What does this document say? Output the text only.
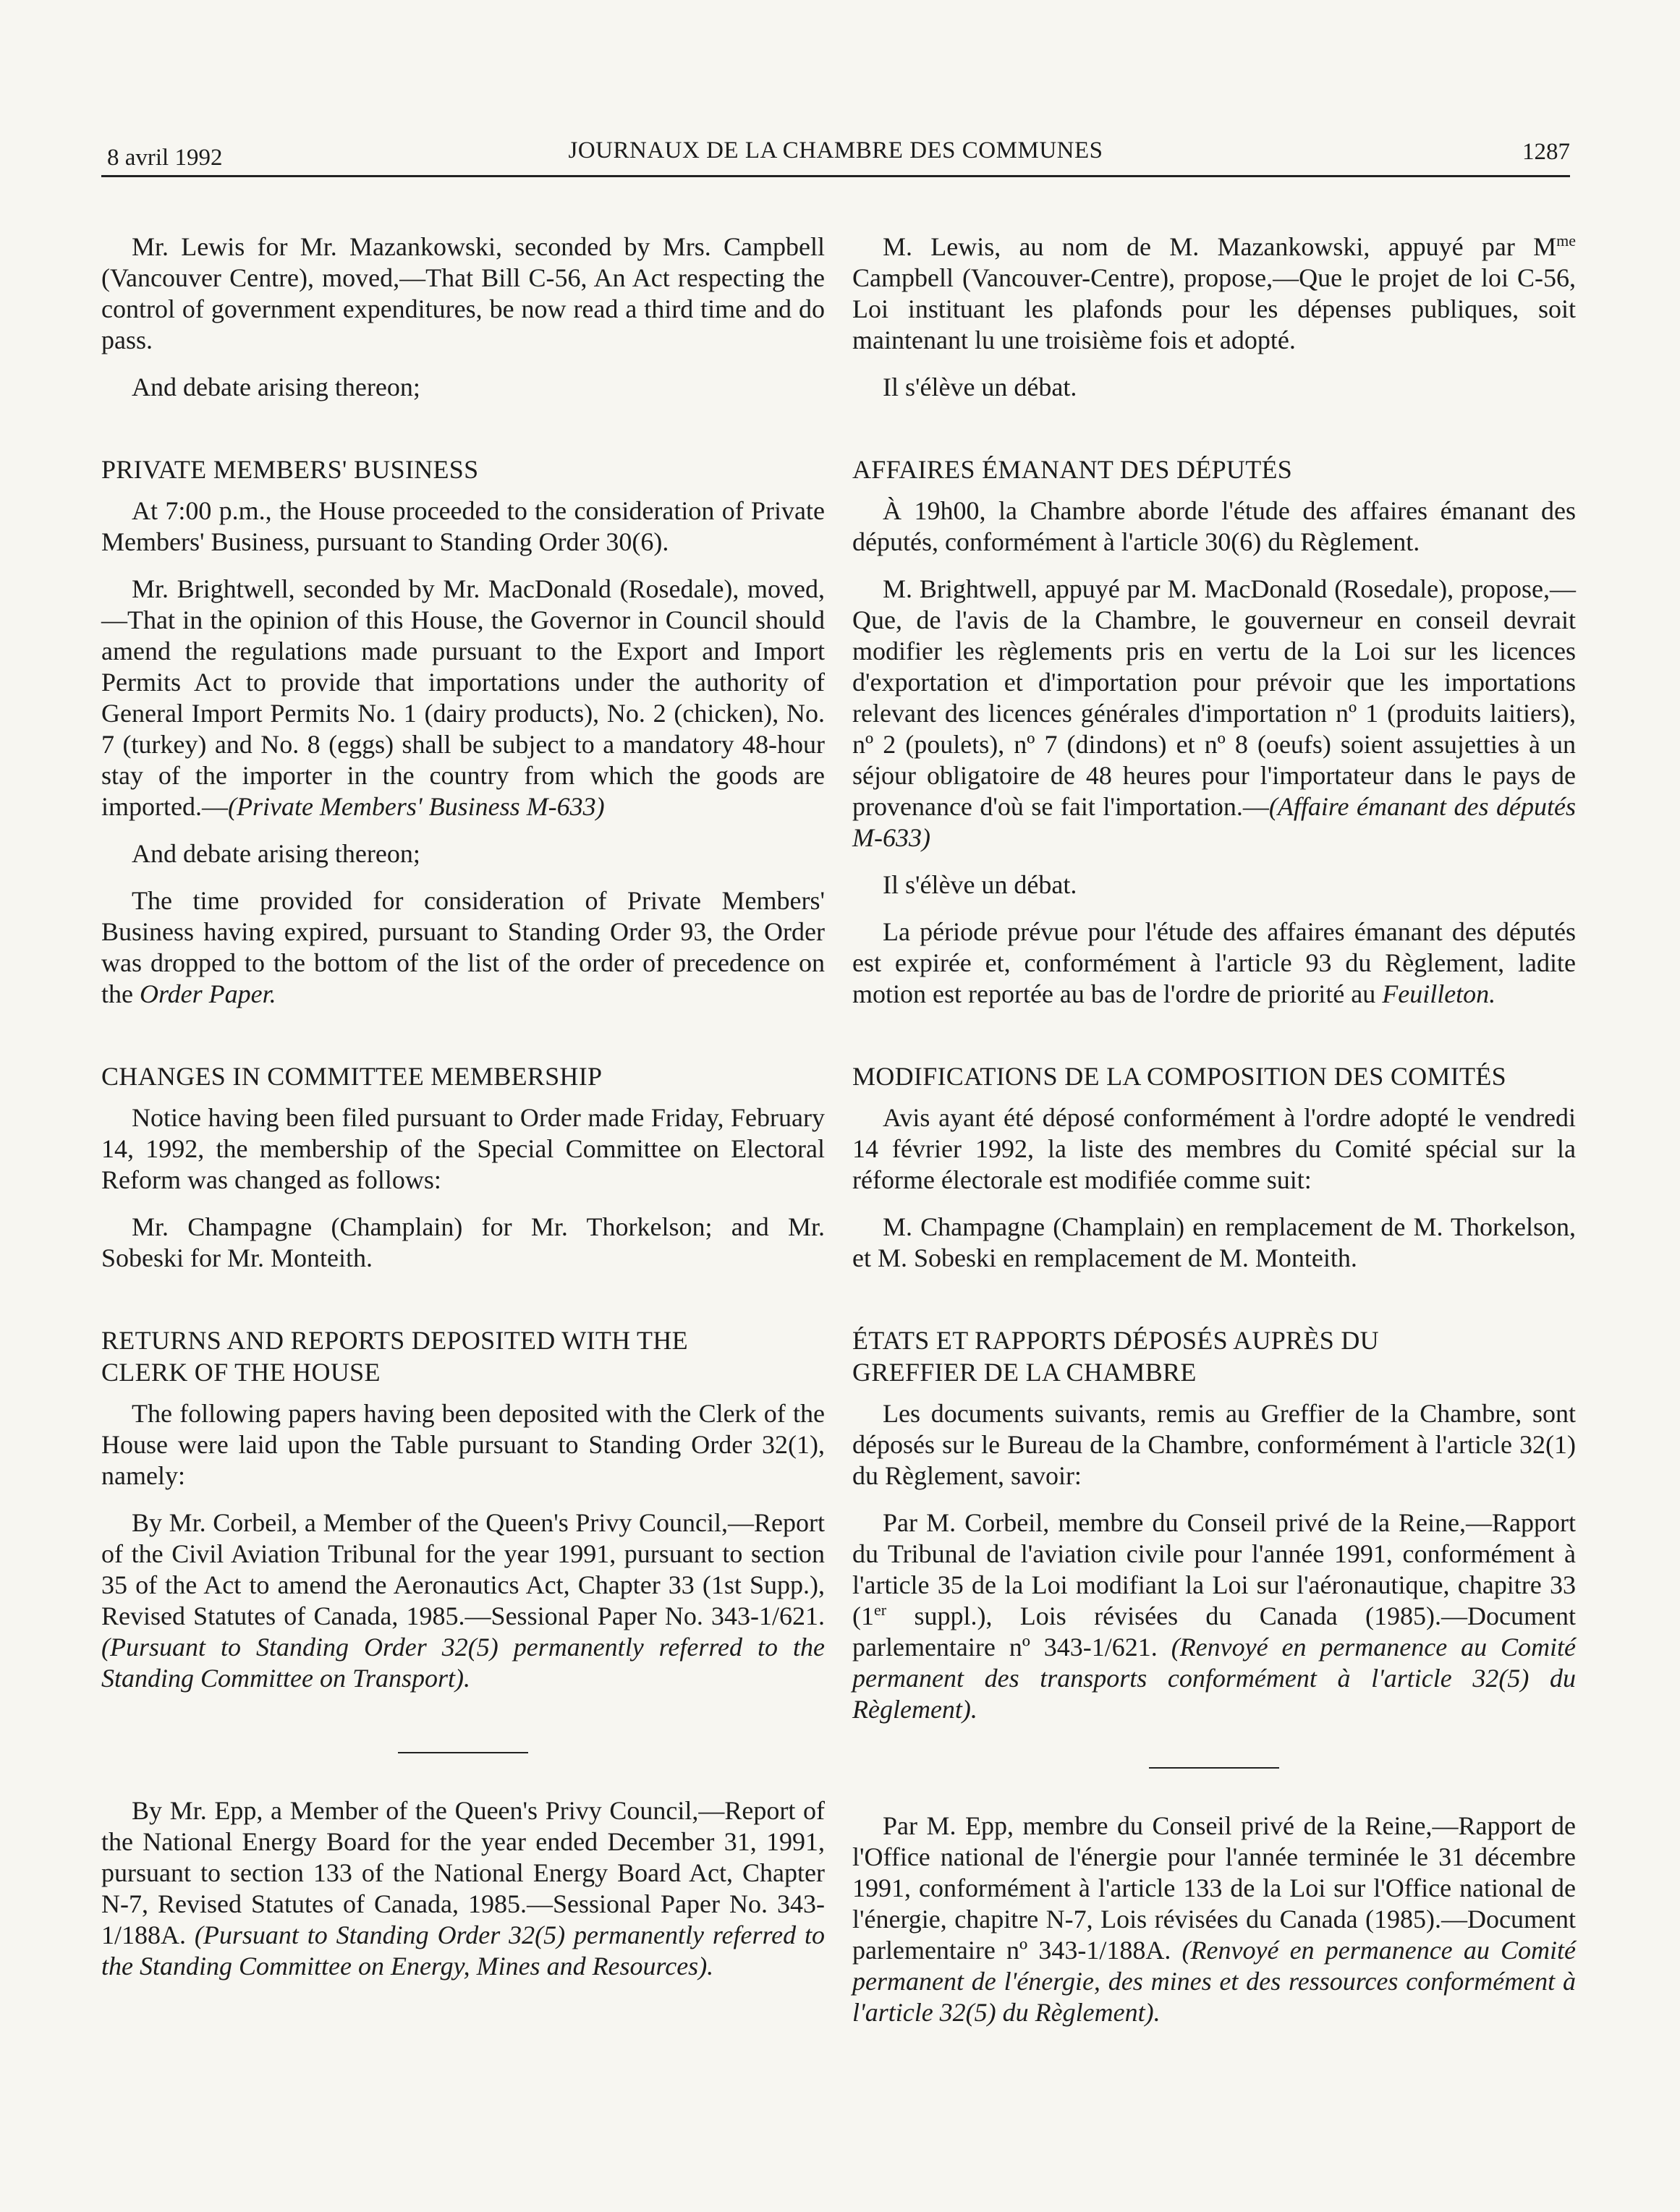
8 avril 1992	JOURNAUX DE LA CHAMBRE DES COMMUNES	1287

Mr. Lewis for Mr. Mazankowski, seconded by Mrs. Campbell (Vancouver Centre), moved,—That Bill C-56, An Act respecting the control of government expenditures, be now read a third time and do pass.

And debate arising thereon;

PRIVATE MEMBERS' BUSINESS

At 7:00 p.m., the House proceeded to the consideration of Private Members' Business, pursuant to Standing Order 30(6).

Mr. Brightwell, seconded by Mr. MacDonald (Rosedale), moved,—That in the opinion of this House, the Governor in Council should amend the regulations made pursuant to the Export and Import Permits Act to provide that importations under the authority of General Import Permits No. 1 (dairy products), No. 2 (chicken), No. 7 (turkey) and No. 8 (eggs) shall be subject to a mandatory 48-hour stay of the importer in the country from which the goods are imported.—(Private Members' Business M-633)

And debate arising thereon;

The time provided for consideration of Private Members' Business having expired, pursuant to Standing Order 93, the Order was dropped to the bottom of the list of the order of precedence on the Order Paper.

CHANGES IN COMMITTEE MEMBERSHIP

Notice having been filed pursuant to Order made Friday, February 14, 1992, the membership of the Special Committee on Electoral Reform was changed as follows:

Mr. Champagne (Champlain) for Mr. Thorkelson; and Mr. Sobeski for Mr. Monteith.

RETURNS AND REPORTS DEPOSITED WITH THE
CLERK OF THE HOUSE

The following papers having been deposited with the Clerk of the House were laid upon the Table pursuant to Standing Order 32(1), namely:

By Mr. Corbeil, a Member of the Queen's Privy Council,—Report of the Civil Aviation Tribunal for the year 1991, pursuant to section 35 of the Act to amend the Aeronautics Act, Chapter 33 (1st Supp.), Revised Statutes of Canada, 1985.—Sessional Paper No. 343-1/621. (Pursuant to Standing Order 32(5) permanently referred to the Standing Committee on Transport).

By Mr. Epp, a Member of the Queen's Privy Council,—Report of the National Energy Board for the year ended December 31, 1991, pursuant to section 133 of the National Energy Board Act, Chapter N-7, Revised Statutes of Canada, 1985.—Sessional Paper No. 343-1/188A. (Pursuant to Standing Order 32(5) permanently referred to the Standing Committee on Energy, Mines and Resources).

M. Lewis, au nom de M. Mazankowski, appuyé par $M^{me}$ Campbell (Vancouver-Centre), propose,—Que le projet de loi C-56, Loi instituant les plafonds pour les dépenses publiques, soit maintenant lu une troisième fois et adopté.

Il s'élève un débat.

AFFAIRES ÉMANANT DES DÉPUTÉS

À 19h00, la Chambre aborde l'étude des affaires émanant des députés, conformément à l'article 30(6) du Règlement.

M. Brightwell, appuyé par M. MacDonald (Rosedale), propose,—Que, de l'avis de la Chambre, le gouverneur en conseil devrait modifier les règlements pris en vertu de la Loi sur les licences d'exportation et d'importation pour prévoir que les importations relevant des licences générales d'importation nº 1 (produits laitiers), nº 2 (poulets), nº 7 (dindons) et nº 8 (oeufs) soient assujetties à un séjour obligatoire de 48 heures pour l'importateur dans le pays de provenance d'où se fait l'importation.—(Affaire émanant des députés M-633)

Il s'élève un débat.

La période prévue pour l'étude des affaires émanant des députés est expirée et, conformément à l'article 93 du Règlement, ladite motion est reportée au bas de l'ordre de priorité au Feuilleton.

MODIFICATIONS DE LA COMPOSITION DES COMITÉS

Avis ayant été déposé conformément à l'ordre adopté le vendredi 14 février 1992, la liste des membres du Comité spécial sur la réforme électorale est modifiée comme suit:

M. Champagne (Champlain) en remplacement de M. Thorkelson, et M. Sobeski en remplacement de M. Monteith.

ÉTATS ET RAPPORTS DÉPOSÉS AUPRÈS DU
GREFFIER DE LA CHAMBRE

Les documents suivants, remis au Greffier de la Chambre, sont déposés sur le Bureau de la Chambre, conformément à l'article 32(1) du Règlement, savoir:

Par M. Corbeil, membre du Conseil privé de la Reine,—Rapport du Tribunal de l'aviation civile pour l'année 1991, conformément à l'article 35 de la Loi modifiant la Loi sur l'aéronautique, chapitre 33 (1er suppl.), Lois révisées du Canada (1985).—Document parlementaire nº 343-1/621. (Renvoyé en permanence au Comité permanent des transports conformément à l'article 32(5) du Règlement).

Par M. Epp, membre du Conseil privé de la Reine,—Rapport de l'Office national de l'énergie pour l'année terminée le 31 décembre 1991, conformément à l'article 133 de la Loi sur l'Office national de l'énergie, chapitre N-7, Lois révisées du Canada (1985).—Document parlementaire nº 343-1/188A. (Renvoyé en permanence au Comité permanent de l'énergie, des mines et des ressources conformément à l'article 32(5) du Règlement).
